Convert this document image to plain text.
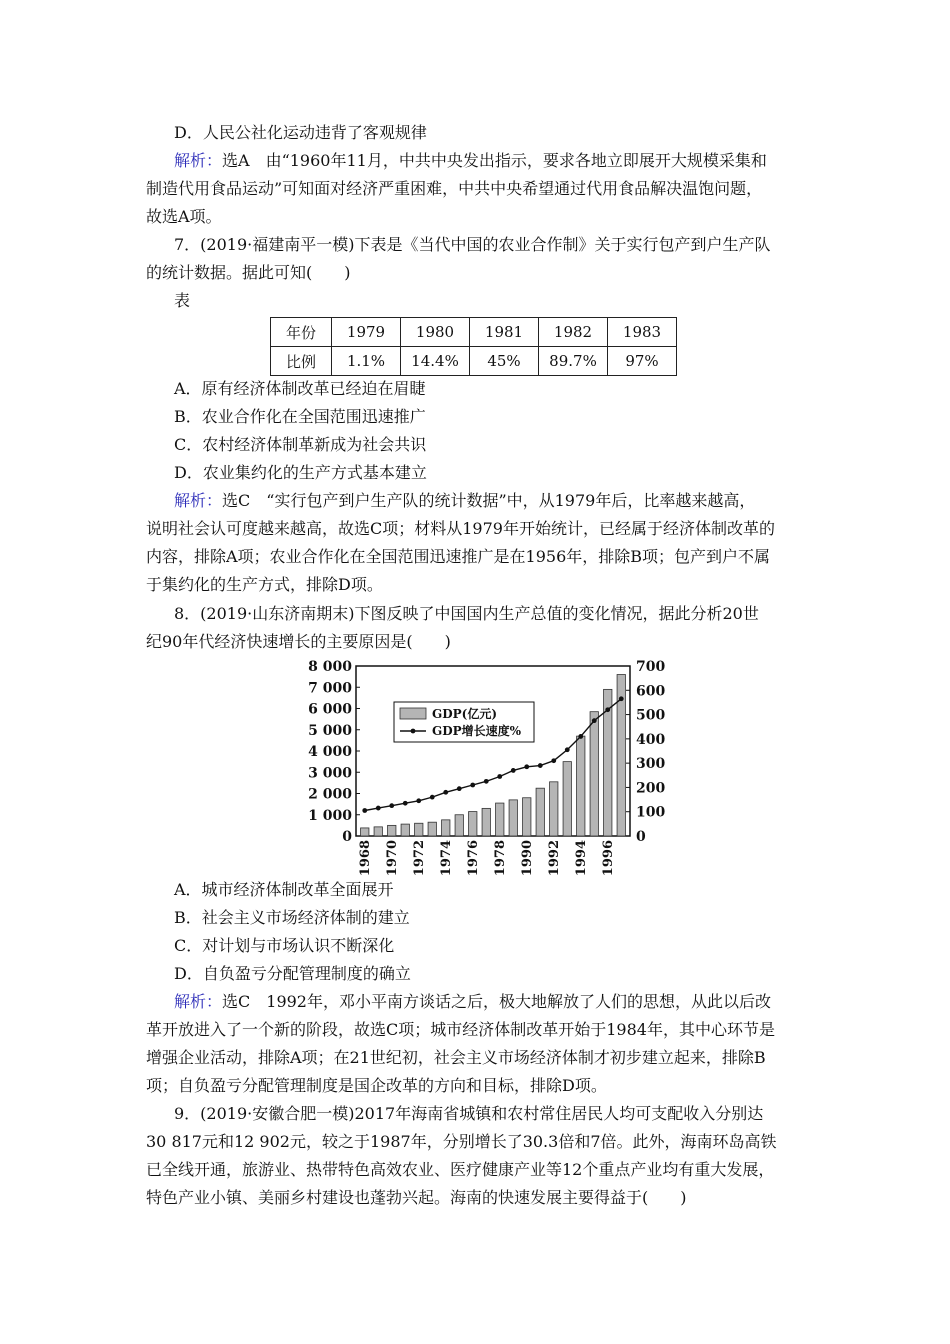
D．人民公社化运动违背了客观规律
解析：选A　由“1960年11月，中共中央发出指示，要求各地立即展开大规模采集和
制造代用食品运动”可知面对经济严重困难，中共中央希望通过代用食品解决温饱问题，
故选A项。
7．(2019·福建南平一模)下表是《当代中国的农业合作制》关于实行包产到户生产队
的统计数据。据此可知(　　)
表
年份	1979	1980	1981	1982	1983
比例	1.1%	14.4%	45%	89.7%	97%
A．原有经济体制改革已经迫在眉睫
B．农业合作化在全国范围迅速推广
C．农村经济体制革新成为社会共识
D．农业集约化的生产方式基本建立
解析：选C　“实行包产到户生产队的统计数据”中，从1979年后，比率越来越高，
说明社会认可度越来越高，故选C项；材料从1979年开始统计，已经属于经济体制改革的
内容，排除A项；农业合作化在全国范围迅速推广是在1956年，排除B项；包产到户不属
于集约化的生产方式，排除D项。
8．(2019·山东济南期末)下图反映了中国国内生产总值的变化情况，据此分析20世
纪90年代经济快速增长的主要原因是(　　)
0
1 000
2 000
3 000
4 000
5 000
6 000
7 000
8 000
0
100
200
300
400
500
600
700
1968 1970 1972 1974 1976 1978 1990 1992 1994 1996
GDP(亿元)
GDP增长速度%
A．城市经济体制改革全面展开
B．社会主义市场经济体制的建立
C．对计划与市场认识不断深化
D．自负盈亏分配管理制度的确立
解析：选C　1992年，邓小平南方谈话之后，极大地解放了人们的思想，从此以后改
革开放进入了一个新的阶段，故选C项；城市经济体制改革开始于1984年，其中心环节是
增强企业活动，排除A项；在21世纪初，社会主义市场经济体制才初步建立起来，排除B
项；自负盈亏分配管理制度是国企改革的方向和目标，排除D项。
9．(2019·安徽合肥一模)2017年海南省城镇和农村常住居民人均可支配收入分别达
30 817元和12 902元，较之于1987年，分别增长了30.3倍和7倍。此外，海南环岛高铁
已全线开通，旅游业、热带特色高效农业、医疗健康产业等12个重点产业均有重大发展，
特色产业小镇、美丽乡村建设也蓬勃兴起。海南的快速发展主要得益于(　　)
